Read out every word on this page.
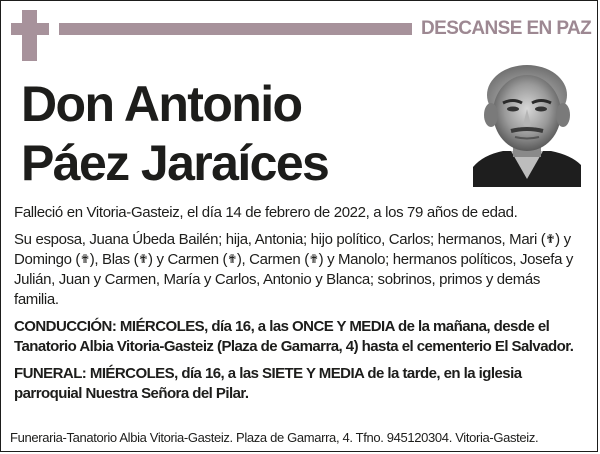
DESCANSE EN PAZ
Don Antonio
Páez Jaraíces

Falleció en Vitoria-Gasteiz, el día 14 de febrero de 2022, a los 79 años de edad.

Su esposa, Juana Úbeda Bailén; hija, Antonia; hijo político, Carlos; hermanos, Mari (✟) y Domingo (✟), Blas (✟) y Carmen (✟), Carmen (✟) y Manolo; hermanos políticos, Josefa y Julián, Juan y Carmen, María y Carlos, Antonio y Blanca; sobrinos, primos y demás familia.

CONDUCCIÓN: MIÉRCOLES, día 16, a las ONCE Y MEDIA de la mañana, desde el Tanatorio Albia Vitoria-Gasteiz (Plaza de Gamarra, 4) hasta el cementerio El Salvador.

FUNERAL: MIÉRCOLES, día 16, a las SIETE Y MEDIA de la tarde, en la iglesia parroquial Nuestra Señora del Pilar.

Funeraria-Tanatorio Albia Vitoria-Gasteiz. Plaza de Gamarra, 4. Tfno. 945120304. Vitoria-Gasteiz.
